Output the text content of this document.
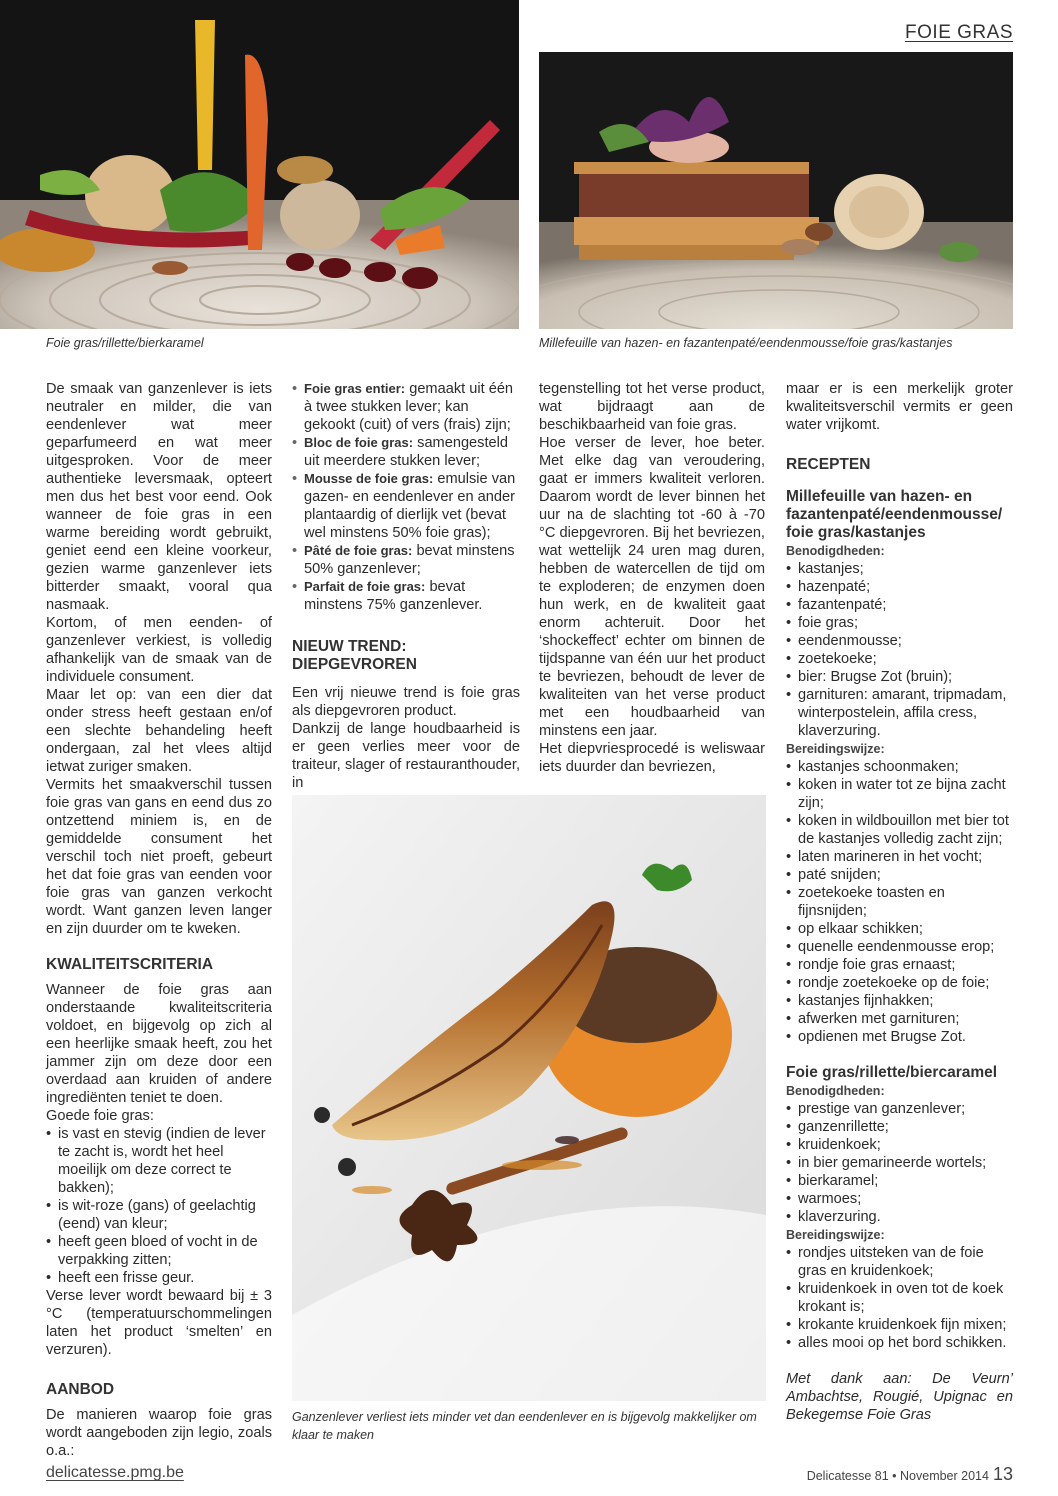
FOIE GRAS
Foie gras/rillette/bierkaramel	Millefeuille van hazen- en fazantenpaté/eendenmousse/foie gras/kastanjes
Ganzenlever verliest iets minder vet dan eendenlever en is bijgevolg makkelijker om klaar te maken

De smaak van ganzenlever is iets neutraler en milder, die van eendenlever wat meer geparfumeerd en wat meer uitgesproken. Voor de meer authentieke leversmaak, opteert men dus het best voor eend. Ook wanneer de foie gras in een warme bereiding wordt gebruikt, geniet eend een kleine voorkeur, gezien warme ganzenlever iets bitterder smaakt, vooral qua nasmaak.

Kortom, of men eenden- of ganzenlever verkiest, is volledig afhankelijk van de smaak van de individuele consument.

Maar let op: van een dier dat onder stress heeft gestaan en/of een slechte behandeling heeft ondergaan, zal het vlees altijd ietwat zuriger smaken.

Vermits het smaakverschil tussen foie gras van gans en eend dus zo ontzettend miniem is, en de gemiddelde consument het verschil toch niet proeft, gebeurt het dat foie gras van eenden voor foie gras van ganzen verkocht wordt. Want ganzen leven langer en zijn duurder om te kweken.

KWALITEITSCRITERIA

Wanneer de foie gras aan onderstaande kwaliteitscriteria voldoet, en bijgevolg op zich al een heerlijke smaak heeft, zou het jammer zijn om deze door een overdaad aan kruiden of andere ingrediënten teniet te doen.

Goede foie gras:

• is vast en stevig (indien de lever te zacht is, wordt het heel moeilijk om deze correct te bakken);
• is wit-roze (gans) of geelachtig (eend) van kleur;
• heeft geen bloed of vocht in de verpakking zitten;
• heeft een frisse geur.

Verse lever wordt bewaard bij ± 3 °C (temperatuurschommelingen laten het product ‘smelten’ en verzuren).

AANBOD

De manieren waarop foie gras wordt aangeboden zijn legio, zoals o.a.:

• Foie gras entier: gemaakt uit één à twee stukken lever; kan gekookt (cuit) of vers (frais) zijn;
• Bloc de foie gras: samengesteld uit meerdere stukken lever;
• Mousse de foie gras: emulsie van gazen- en eendenlever en ander plantaardig of dierlijk vet (bevat wel minstens 50% foie gras);
• Pâté de foie gras: bevat minstens 50% ganzenlever;
• Parfait de foie gras: bevat minstens 75% ganzenlever.
NIEUW TREND:
DIEPGEVROREN

Een vrij nieuwe trend is foie gras als diepgevroren product.

Dankzij de lange houdbaarheid is er geen verlies meer voor de traiteur, slager of restauranthouder, in

tegenstelling tot het verse product, wat bijdraagt aan de beschikbaarheid van foie gras.

Hoe verser de lever, hoe beter. Met elke dag van veroudering, gaat er immers kwaliteit verloren. Daarom wordt de lever binnen het uur na de slachting tot -60 à -70 °C diepgevroren. Bij het bevriezen, wat wettelijk 24 uren mag duren, hebben de watercellen de tijd om te exploderen; de enzymen doen hun werk, en de kwaliteit gaat enorm achteruit. Door het ‘shockeffect’ echter om binnen de tijdspanne van één uur het product te bevriezen, behoudt de lever de kwaliteiten van het verse product met een houdbaarheid van minstens een jaar.

Het diepvriesprocedé is weliswaar iets duurder dan bevriezen,

maar er is een merkelijk groter kwaliteitsverschil vermits er geen water vrijkomt.

RECEPTEN
Millefeuille van hazen- en fazantenpaté/eendenmousse/ foie gras/kastanjes

Benodigdheden:

• kastanjes;
• hazenpaté;
• fazantenpaté;
• foie gras;
• eendenmousse;
• zoetekoeke;
• bier: Brugse Zot (bruin);
• garnituren: amarant, tripmadam, winterpostelein, affila cress, klaverzuring.

Bereidingswijze:

• kastanjes schoonmaken;
• koken in water tot ze bijna zacht zijn;
• koken in wildbouillon met bier tot de kastanjes volledig zacht zijn;
• laten marineren in het vocht;
• paté snijden;
• zoetekoeke toasten en fijnsnijden;
• op elkaar schikken;
• quenelle eendenmousse erop;
• rondje foie gras ernaast;
• rondje zoetekoeke op de foie;
• kastanjes fijnhakken;
• afwerken met garnituren;
• opdienen met Brugse Zot.
Foie gras/rillette/biercaramel

Benodigdheden:

• prestige van ganzenlever;
• ganzenrillette;
• kruidenkoek;
• in bier gemarineerde wortels;
• bierkaramel;
• warmoes;
• klaverzuring.

Bereidingswijze:

• rondjes uitsteken van de foie gras en kruidenkoek;
• kruidenkoek in oven tot de koek krokant is;
• krokante kruidenkoek fijn mixen;
• alles mooi op het bord schikken.

Met dank aan: De Veurn’ Ambachtse, Rougié, Upignac en Bekegemse Foie Gras

delicatesse.pmg.be	Delicatesse 81 • November 2014 13
